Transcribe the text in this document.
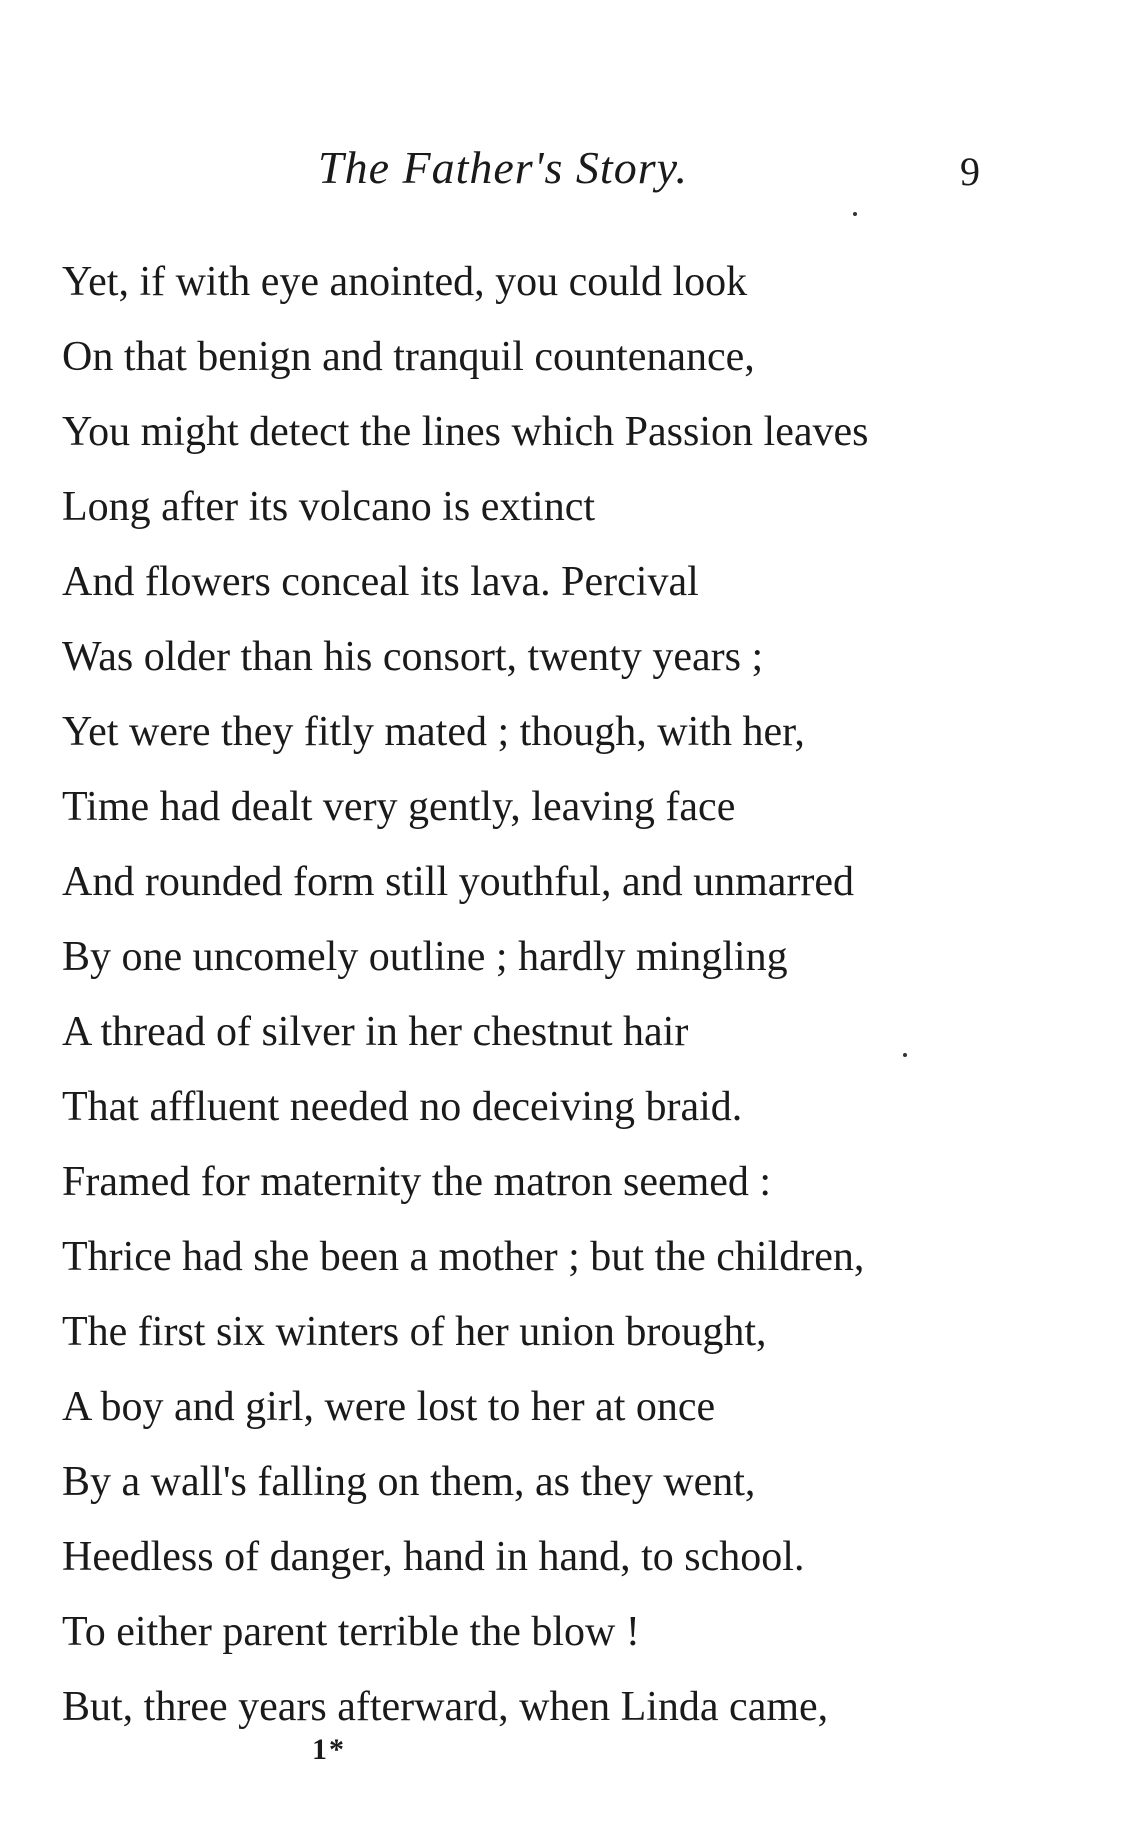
The Father's Story.	9
Yet, if with eye anointed, you could look
On that benign and tranquil countenance,
You might detect the lines which Passion leaves
Long after its volcano is extinct
And flowers conceal its lava. Percival
Was older than his consort, twenty years ;
Yet were they fitly mated ; though, with her,
Time had dealt very gently, leaving face
And rounded form still youthful, and unmarred
By one uncomely outline ; hardly mingling
A thread of silver in her chestnut hair
That affluent needed no deceiving braid.
Framed for maternity the matron seemed :
Thrice had she been a mother ; but the children,
The first six winters of her union brought,
A boy and girl, were lost to her at once
By a wall's falling on them, as they went,
Heedless of danger, hand in hand, to school.
To either parent terrible the blow !
But, three years afterward, when Linda came,
1*
